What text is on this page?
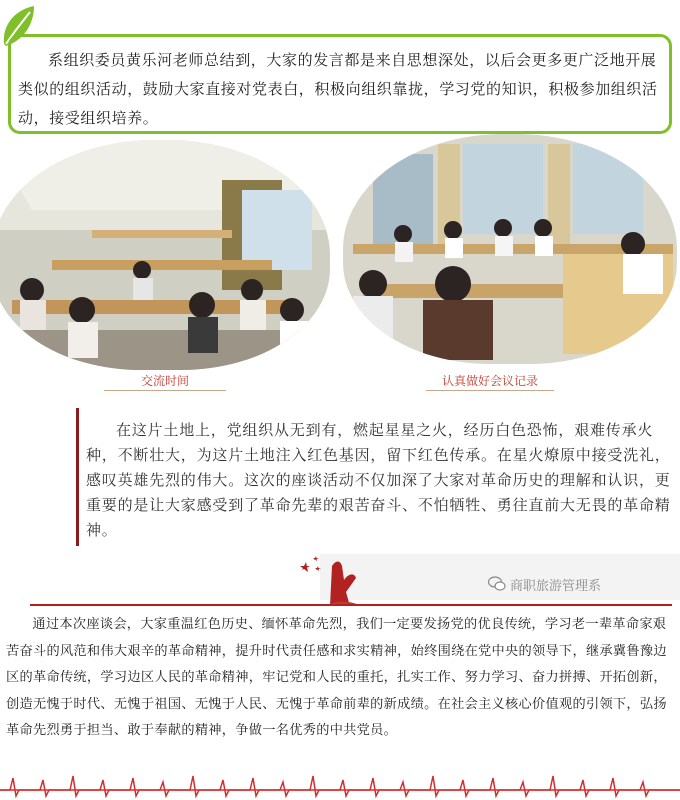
系组织委员黄乐河老师总结到，大家的发言都是来自思想深处，以后会更多更广泛地开展类似的组织活动，鼓励大家直接对党表白，积极向组织靠拢，学习党的知识，积极参加组织活动，接受组织培养。
交流时间	认真做好会议记录
在这片土地上，党组织从无到有，燃起星星之火，经历白色恐怖，艰难传承火种，不断壮大，为这片土地注入红色基因，留下红色传承。在星火燎原中接受洗礼，感叹英雄先烈的伟大。这次的座谈活动不仅加深了大家对革命历史的理解和认识，更重要的是让大家感受到了革命先辈的艰苦奋斗、不怕牺牲、勇往直前大无畏的革命精神。
商职旅游管理系
通过本次座谈会，大家重温红色历史、缅怀革命先烈，我们一定要发扬党的优良传统，学习老一辈革命家艰苦奋斗的风范和伟大艰辛的革命精神，提升时代责任感和求实精神，始终围绕在党中央的领导下，继承冀鲁豫边区的革命传统，学习边区人民的革命精神，牢记党和人民的重托，扎实工作、努力学习、奋力拼搏、开拓创新，创造无愧于时代、无愧于祖国、无愧于人民、无愧于革命前辈的新成绩。在社会主义核心价值观的引领下，弘扬革命先烈勇于担当、敢于奉献的精神，争做一名优秀的中共党员。
